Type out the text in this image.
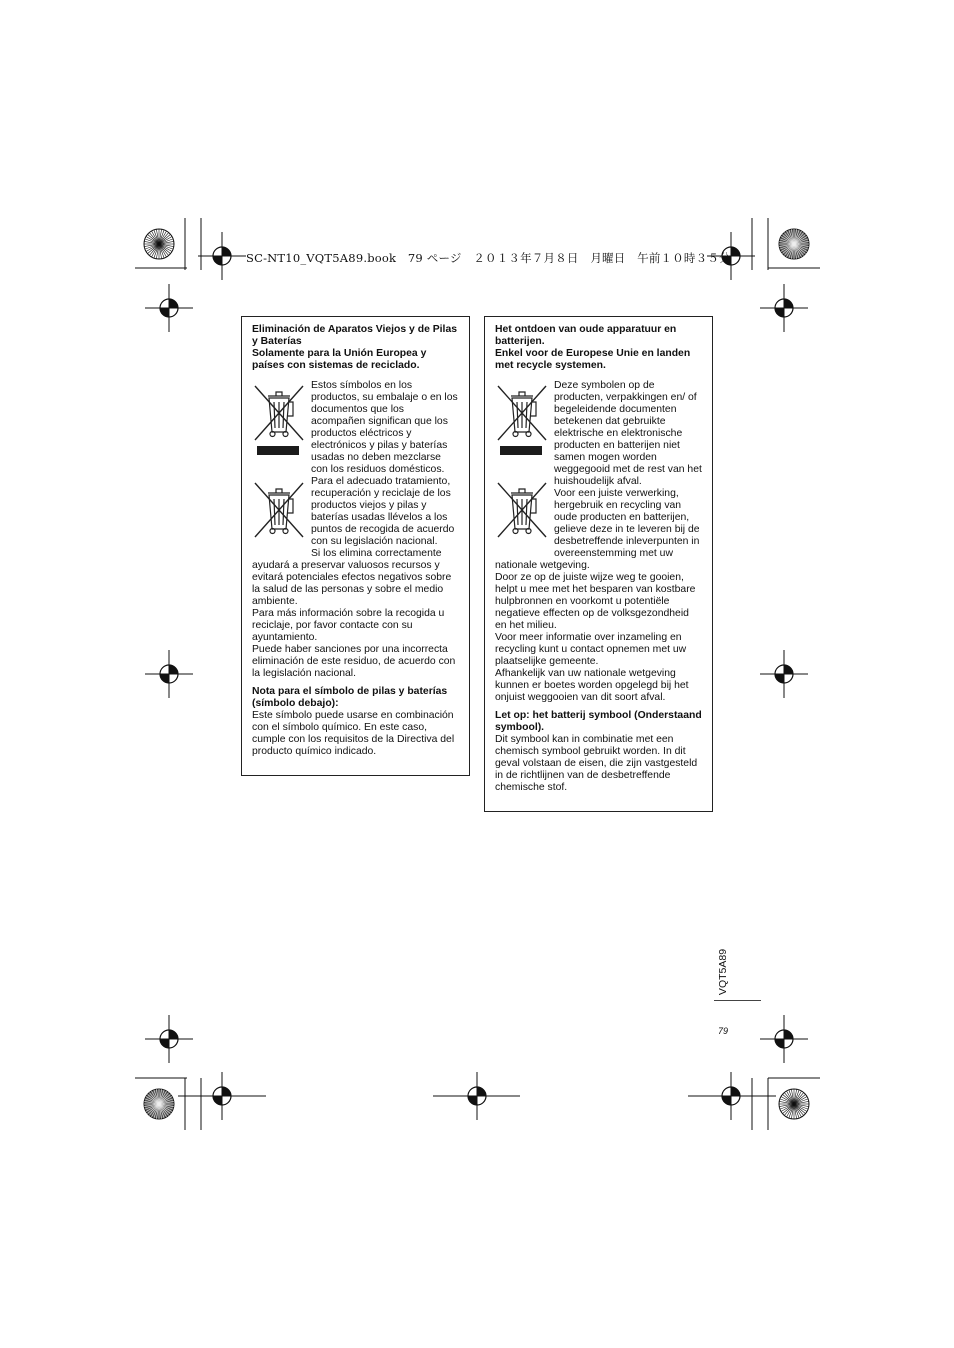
SC-NT10_VQT5A89.book　79 ページ　２０１３年７月８日　月曜日　午前１０時３５分

Eliminación de Aparatos Viejos y de Pilas y Baterías

Solamente para la Unión Europea y países con sistemas de reciclado.

Estos símbolos en los productos, su embalaje o en los documentos que los acompañen significan que los productos eléctricos y electrónicos y pilas y baterías usadas no deben mezclarse con los residuos domésticos. Para el adecuado tratamiento, recuperación y reciclaje de los productos viejos y pilas y baterías usadas llévelos a los puntos de recogida de acuerdo con su legislación nacional.

Si los elimina correctamente ayudará a preservar valuosos recursos y evitará potenciales efectos negativos sobre la salud de las personas y sobre el medio ambiente.

Para más información sobre la recogida u reciclaje, por favor contacte con su ayuntamiento.

Puede haber sanciones por una incorrecta eliminación de este residuo, de acuerdo con la legislación nacional.

Nota para el símbolo de pilas y baterías (símbolo debajo):

Este símbolo puede usarse en combinación con el símbolo químico. En este caso, cumple con los requisitos de la Directiva del producto químico indicado.

Het ontdoen van oude apparatuur en batterijen.

Enkel voor de Europese Unie en landen met recycle systemen.

Deze symbolen op de producten, verpakkingen en/ of begeleidende documenten betekenen dat gebruikte elektrische en elektronische producten en batterijen niet samen mogen worden weggegooid met de rest van het huishoudelijk afval.

Voor een juiste verwerking, hergebruik en recycling van oude producten en batterijen, gelieve deze in te leveren bij de desbetreffende inleverpunten in overeenstemming met uw nationale wetgeving.

Door ze op de juiste wijze weg te gooien, helpt u mee met het besparen van kostbare hulpbronnen en voorkomt u potentiële negatieve effecten op de volksgezondheid en het milieu.

Voor meer informatie over inzameling en recycling kunt u contact opnemen met uw plaatselijke gemeente.

Afhankelijk van uw nationale wetgeving kunnen er boetes worden opgelegd bij het onjuist weggooien van dit soort afval.

Let op: het batterij symbool (Onderstaand symbool).

Dit symbool kan in combinatie met een chemisch symbool gebruikt worden. In dit geval volstaan de eisen, die zijn vastgesteld in de richtlijnen van de desbetreffende chemische stof.

VQT5A89
79
